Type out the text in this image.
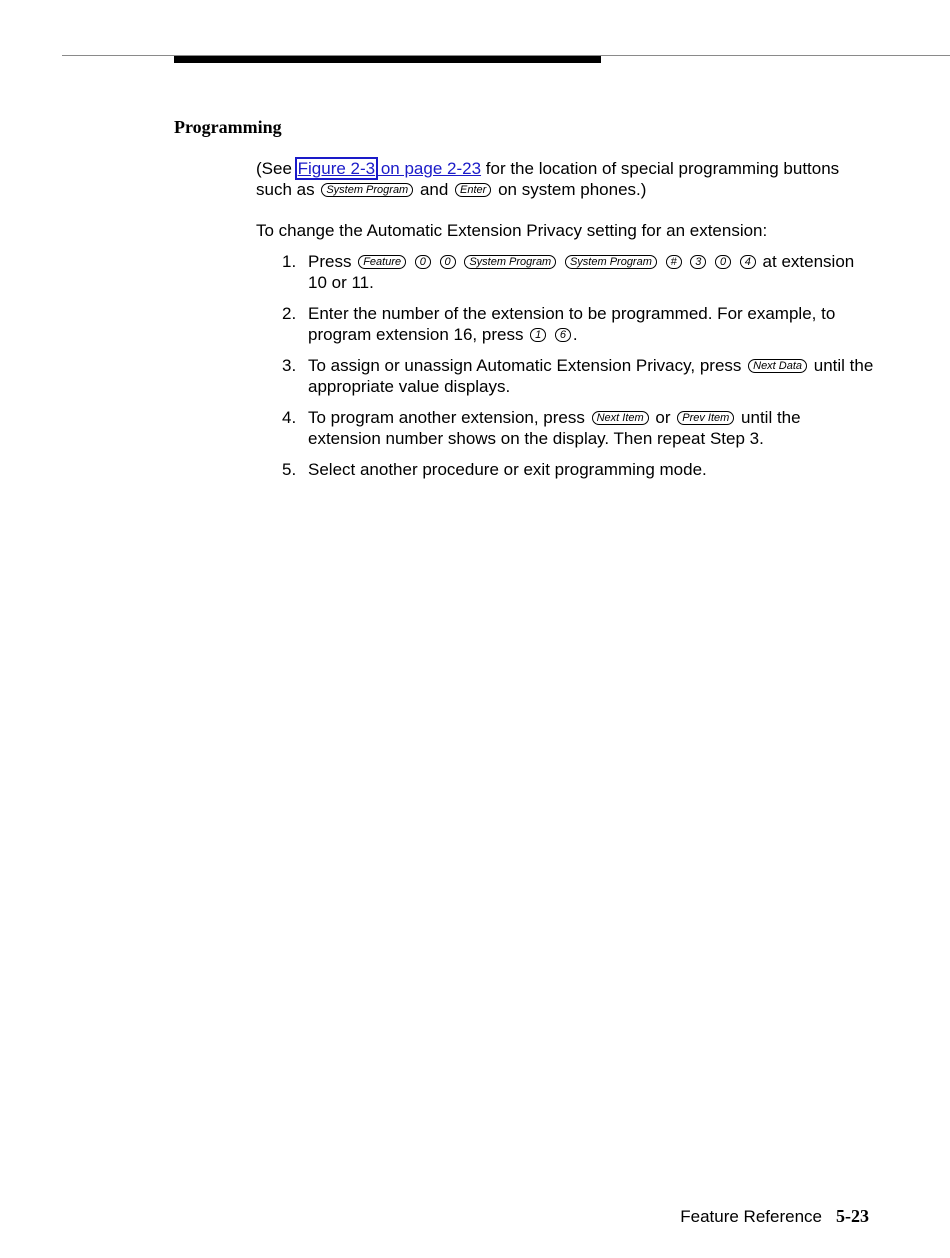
Programming

(See Figure 2-3 on page 2-23 for the location of special programming buttons such as System Program and Enter on system phones.)

To change the Automatic Extension Privacy setting for an extension:

1. Press Feature 0 0 System Program System Program # 3 0 4 at extension 10 or 11.
2. Enter the number of the extension to be programmed. For example, to program extension 16, press 1 6 .
3. To assign or unassign Automatic Extension Privacy, press Next Data until the appropriate value displays.
4. To program another extension, press Next Item or Prev Item until the extension number shows on the display. Then repeat Step 3.
5. Select another procedure or exit programming mode.
Feature Reference 5-23
